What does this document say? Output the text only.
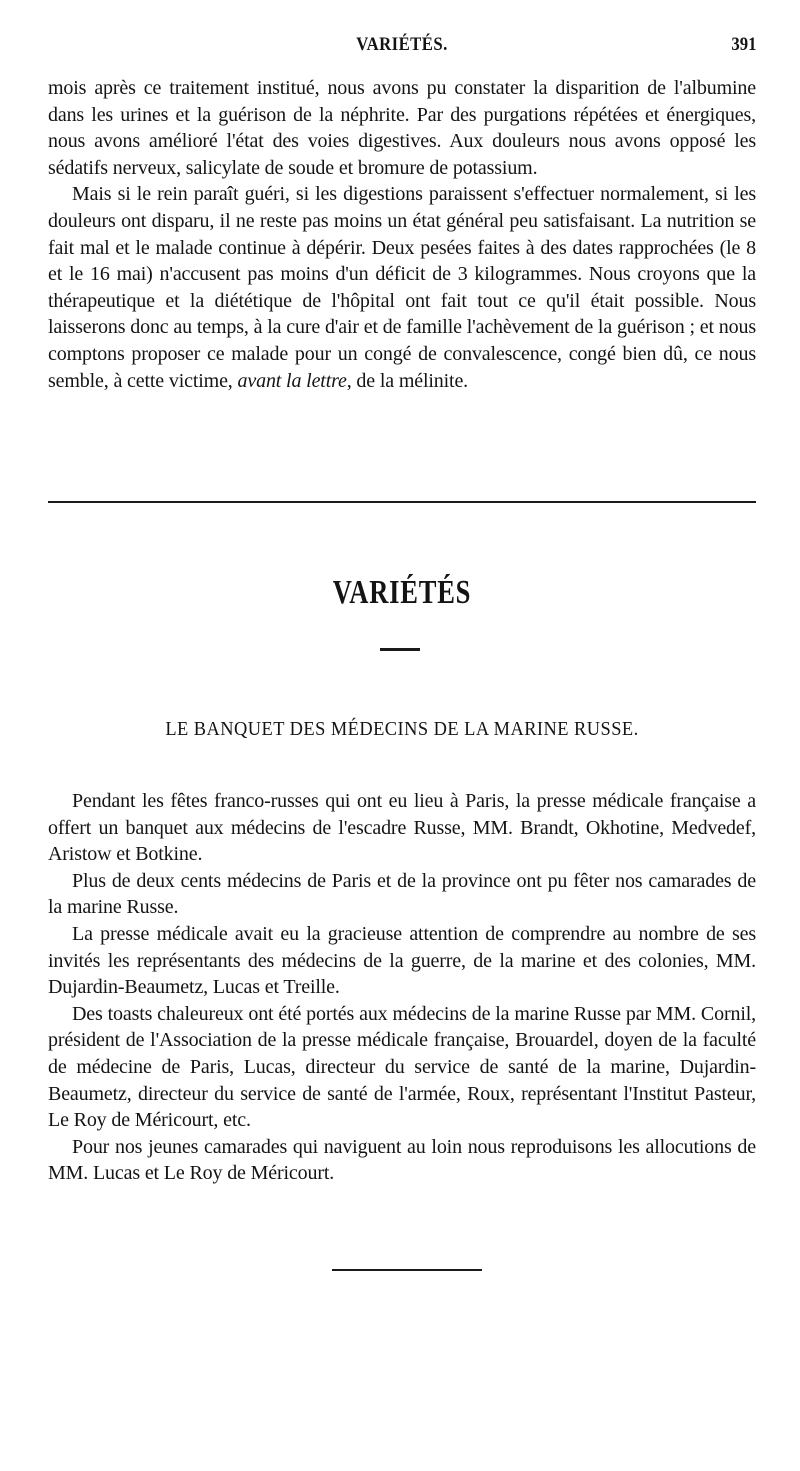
VARIÉTÉS.	391

mois après ce traitement institué, nous avons pu constater la disparition de l'albumine dans les urines et la guérison de la néphrite. Par des purgations répétées et énergiques, nous avons amélioré l'état des voies digestives. Aux douleurs nous avons opposé les sédatifs nerveux, salicylate de soude et bromure de potassium.

Mais si le rein paraît guéri, si les digestions paraissent s'effectuer normalement, si les douleurs ont disparu, il ne reste pas moins un état général peu satisfaisant. La nutrition se fait mal et le malade continue à dépérir. Deux pesées faites à des dates rapprochées (le 8 et le 16 mai) n'accusent pas moins d'un déficit de 3 kilogrammes. Nous croyons que la thérapeutique et la diététique de l'hôpital ont fait tout ce qu'il était possible. Nous laisserons donc au temps, à la cure d'air et de famille l'achèvement de la guérison ; et nous comptons proposer ce malade pour un congé de convalescence, congé bien dû, ce nous semble, à cette victime, avant la lettre, de la mélinite.

VARIÉTÉS
LE BANQUET DES MÉDECINS DE LA MARINE RUSSE.

Pendant les fêtes franco-russes qui ont eu lieu à Paris, la presse médicale française a offert un banquet aux médecins de l'escadre Russe, MM. Brandt, Okhotine, Medvedef, Aristow et Botkine.

Plus de deux cents médecins de Paris et de la province ont pu fêter nos camarades de la marine Russe.

La presse médicale avait eu la gracieuse attention de comprendre au nombre de ses invités les représentants des médecins de la guerre, de la marine et des colonies, MM. Dujardin-Beaumetz, Lucas et Treille.

Des toasts chaleureux ont été portés aux médecins de la marine Russe par MM. Cornil, président de l'Association de la presse médicale française, Brouardel, doyen de la faculté de médecine de Paris, Lucas, directeur du service de santé de la marine, Dujardin-Beaumetz, directeur du service de santé de l'armée, Roux, représentant l'Institut Pasteur, Le Roy de Méricourt, etc.

Pour nos jeunes camarades qui naviguent au loin nous reproduisons les allocutions de MM. Lucas et Le Roy de Méricourt.
